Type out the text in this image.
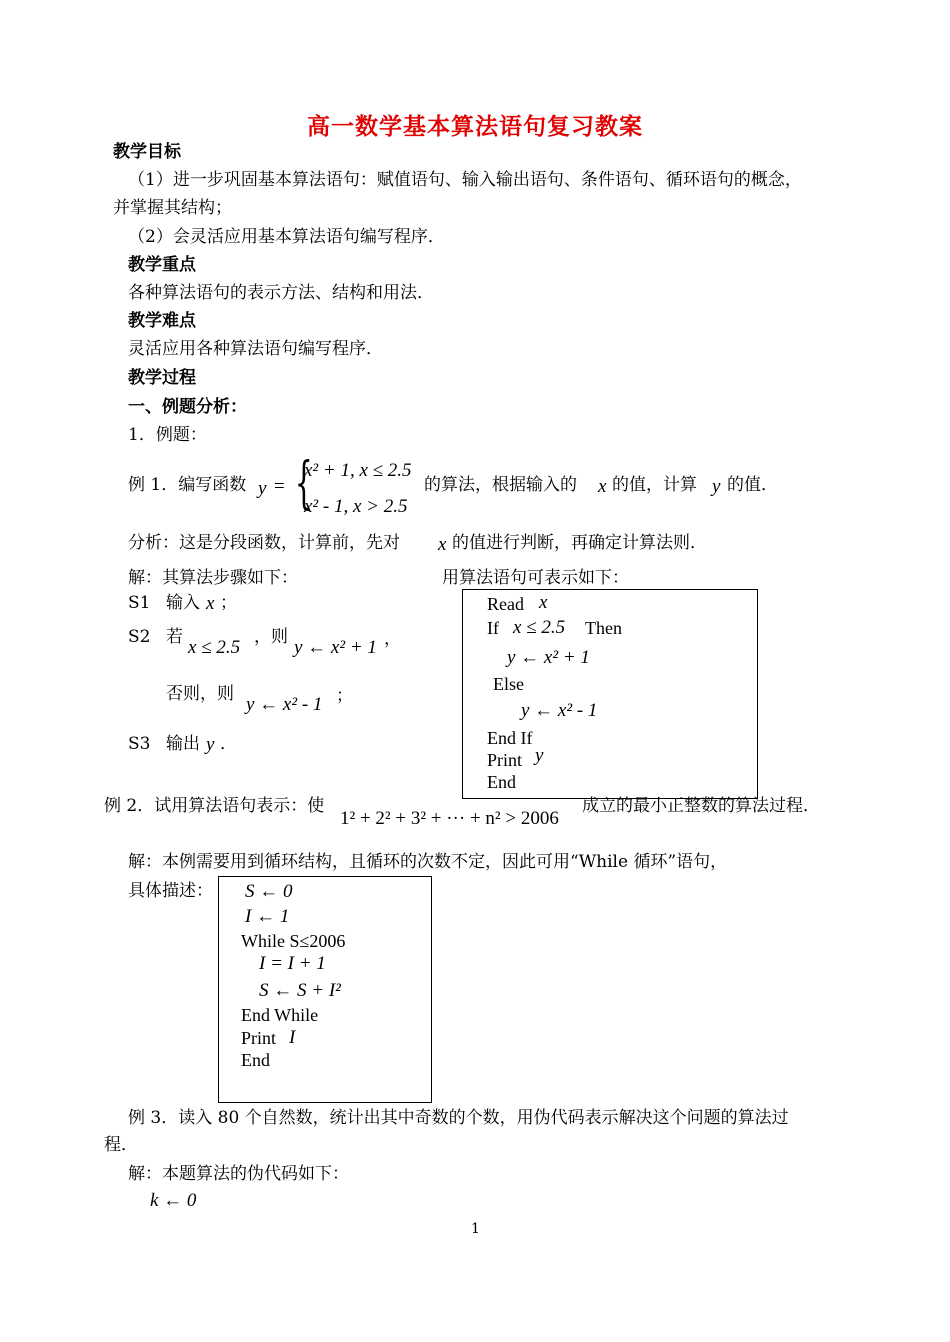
高一数学基本算法语句复习教案
教学目标
（1）进一步巩固基本算法语句：赋值语句、输入输出语句、条件语句、循环语句的概念，
并掌握其结构；
（2）会灵活应用基本算法语句编写程序．
教学重点
各种算法语句的表示方法、结构和用法．
教学难点
灵活应用各种算法语句编写程序．
教学过程
一、例题分析：
1．例题：
例 1．编写函数 y = {
x² + 1, x ≤ 2.5
x² - 1, x > 2.5
的算法，根据输入的 x 的值，计算 y 的值．
分析：这是分段函数，计算前，先对 x 的值进行判断，再确定计算法则．
解：其算法步骤如下：	用算法语句可表示如下：
S1 输入 x ；
S2 若 x ≤ 2.5 ，则 y ← x² + 1 ，
否则，则 y ← x² - 1 ；
S3 输出 y ．
Read x
If x ≤ 2.5 Then
y ← x² + 1
Else
y ← x² - 1
End If
Print y
End
例 2．试用算法语句表示：使
1² + 2² + 3² + ··· + n² > 2006
成立的最小正整数的算法过程．
解：本例需要用到循环结构，且循环的次数不定，因此可用“While 循环”语句，
具体描述： S ← 0
I ← 1
While S≤2006
I = I + 1
S ← S + I²
End While
Print I
End
例 3．读入 80 个自然数，统计出其中奇数的个数，用伪代码表示解决这个问题的算法过
程．
解：本题算法的伪代码如下：
k ← 0
1
